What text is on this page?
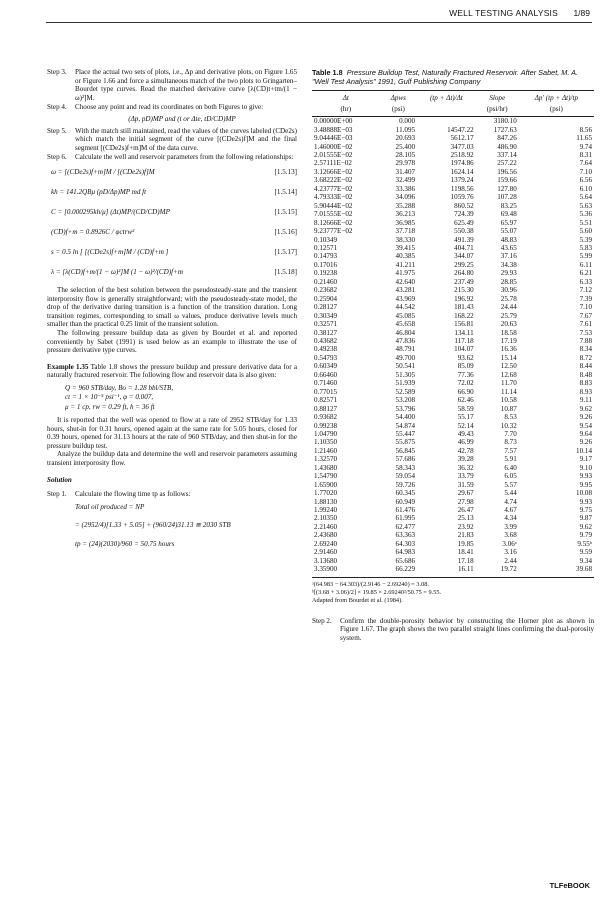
WELL TESTING ANALYSIS 1/89
Step 3. Place the actual two sets of plots, i.e., Δp and derivative plots, on Figure 1.65 or Figure 1.66 and force a simultaneous match of the two plots to Gringarten–Bourdet type curves. Read the matched derivative curve [λ(CD)t+tm/(1 − ω)²]M.

Step 4. Choose any point and read its coordinates on both Figures to give:

(Δp, pD)MP and (t or Δte, tD/CD)MP

Step 5. With the match still maintained, read the values of the curves labeled (CDe2s) which match the initial segment of the curve [(CDe2s)f]M and the final segment [(CDe2s)f+m]M of the data curve.

Step 6. Calculate the well and reservoir parameters from the following relationships:

ω = [(CDe2s)f+m]M / [(CDe2s)f]M	[1.5.13]
kh = 141.2QBμ (pD/Δp)MP md ft	[1.5.14]
C = [0.000295kh/μ] (Δt)MP/(CD/CD)MP	[1.5.15]
(CD)f+m = 0.8926C / φctrw²	[1.5.16]
s = 0.5 ln [ [(CDe2s)f+m]M / (CD)f+m ]	[1.5.17]
λ = [λ(CD)f+m/(1 − ω)²]M (1 − ω)²/(CD)f+m	[1.5.18]

The selection of the best solution between the pseudosteady-state and the transient interporosity flow is generally straightforward; with the pseudosteady-state model, the drop of the derivative during transition is a function of the transition duration. Long transition regimes, corresponding to small ω values, produce derivative levels much smaller than the practical 0.25 limit of the transient solution.

The following pressure buildup data as given by Bourdet et al. and reported conveniently by Sabet (1991) is used below as an example to illustrate the use of pressure derivative type curves.

Example 1.35 Table 1.8 shows the pressure buildup and pressure derivative data for a naturally fractured reservoir. The following flow and reservoir data is also given:

Q = 960 STB/day, Bo = 1.28 bbl/STB,
ct = 1 × 10⁻⁵ psi⁻¹, φ = 0.007,
μ = 1 cp, rw = 0.29 ft, h = 36 ft

It is reported that the well was opened to flow at a rate of 2952 STB/day for 1.33 hours, shut-in for 0.31 hours, opened again at the same rate for 5.05 hours, closed for 0.39 hours, opened for 31.13 hours at the rate of 960 STB/day, and then shut-in for the pressure buildup test.

Analyze the buildup data and determine the well and reservoir parameters assuming transient interporosity flow.

Solution

Step 1. Calculate the flowing time tp as follows:

Total oil produced = NP

= (2952/4)[1.33 + 5.05] + (960/24)31.13 ≅ 2030 STB

tp = (24)(2030)/960 = 50.75 hours

Table 1.8 Pressure Buildup Test, Naturally Fractured Reservoir. After Sabet, M. A. "Well Test Analysis" 1991, Gulf Publishing Company
Δt	Δpws	(tp + Δt)/Δt	Slope	Δp′ (tp + Δt)/tp
(hr)	(psi)		(psi/hr)	(psi)
0.00000E+00	0.000		3180.10	
3.48888E−03	11.095	14547.22	1727.63	8.56
9.04446E−03	20.693	5612.17	847.26	11.65
1.46000E−02	25.400	3477.03	486.90	9.74
2.01555E−02	28.105	2518.92	337.14	8.31
2.57111E−02	29.978	1974.86	257.22	7.64
3.12666E−02	31.407	1624.14	196.56	7.10
3.68222E−02	32.499	1379.24	159.66	6.56
4.23777E−02	33.386	1198.56	127.80	6.10
4.79333E−02	34.096	1059.76	107.28	5.64
5.90444E−02	35.288	860.52	83.25	5.63
7.01555E−02	36.213	724.39	69.48	5.36
8.12666E−02	36.985	625.49	65.97	5.51
9.23777E−02	37.718	550.38	55.07	5.60
0.10349	38.330	491.39	48.83	5.39
0.12571	39.415	404.71	43.65	5.83
0.14793	40.385	344.07	37.16	5.99
0.17016	41.211	299.25	34.38	6.11
0.19238	41.975	264.80	29.93	6.21
0.21460	42.640	237.49	28.85	6.33
0.23682	43.281	215.30	30.96	7.12
0.25904	43.969	196.92	25.78	7.39
0.28127	44.542	181.43	24.44	7.10
0.30349	45.085	168.22	25.79	7.67
0.32571	45.658	156.81	20.63	7.61
0.38127	46.804	134.11	18.58	7.53
0.43682	47.836	117.18	17.19	7.88
0.49238	48.791	104.07	16.36	8.34
0.54793	49.700	93.62	15.14	8.72
0.60349	50.541	85.09	12.50	8.44
0.66460	51.305	77.36	12.68	8.48
0.71460	51.939	72.02	11.70	8.83
0.77015	52.589	66.90	11.14	8.93
0.82571	53.208	62.46	10.58	9.11
0.88127	53.796	58.59	10.87	9.62
0.93682	54.400	55.17	8.53	9.26
0.99238	54.874	52.14	10.32	9.54
1.04790	55.447	49.43	7.70	9.64
1.10350	55.875	46.99	8.73	9.26
1.21460	56.845	42.78	7.57	10.14
1.32570	57.686	39.28	5.91	9.17
1.43680	58.343	36.32	6.40	9.10
1.54790	59.054	33.79	6.05	9.93
1.65900	59.726	31.59	5.57	9.95
1.77020	60.345	29.67	5.44	10.08
1.88130	60.949	27.98	4.74	9.93
1.99240	61.476	26.47	4.67	9.75
2.10350	61.995	25.13	4.34	9.87
2.21460	62.477	23.92	3.99	9.62
2.43680	63.363	21.83	3.68	9.79
2.69240	64.303	19.85	3.06ᵃ	9.55ᵇ
2.91460	64.983	18.41	3.16	9.59
3.13680	65.686	17.18	2.44	9.34
3.35900	66.229	16.11	19.72	39.68
ᵃ(64.983 − 64.303)/(2.9146 − 2.69240) = 3.08.
ᵇ[(3.68 + 3.06)/2] × 19.85 × 2.69240²/50.75 = 9.55.
Adapted from Bourdet et al. (1984).
Step 2. Confirm the double-porosity behavior by constructing the Horner plot as shown in Figure 1.67. The graph shows the two parallel straight lines confirming the dual-porosity system.

TLFeBOOK
